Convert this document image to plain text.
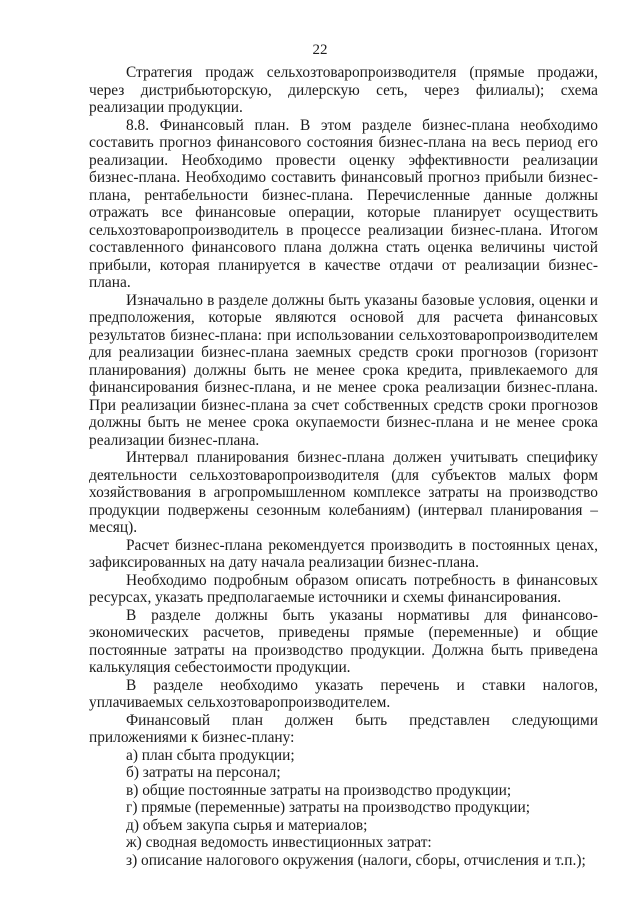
22

Стратегия продаж сельхозтоваропроизводителя (прямые продажи, через дистрибьюторскую, дилерскую сеть, через филиалы); схема реализации продукции.

8.8. Финансовый план. В этом разделе бизнес-плана необходимо составить прогноз финансового состояния бизнес-плана на весь период его реализации. Необходимо провести оценку эффективности реализации бизнес-плана. Необходимо составить финансовый прогноз прибыли бизнес-плана, рентабельности бизнес-плана. Перечисленные данные должны отражать все финансовые операции, которые планирует осуществить сельхозтоваропроизводитель в процессе реализации бизнес-плана. Итогом составленного финансового плана должна стать оценка величины чистой прибыли, которая планируется в качестве отдачи от реализации бизнес-плана.

Изначально в разделе должны быть указаны базовые условия, оценки и предположения, которые являются основой для расчета финансовых результатов бизнес-плана: при использовании сельхозтоваропроизводителем для реализации бизнес-плана заемных средств сроки прогнозов (горизонт планирования) должны быть не менее срока кредита, привлекаемого для финансирования бизнес-плана, и не менее срока реализации бизнес-плана. При реализации бизнес-плана за счет собственных средств сроки прогнозов должны быть не менее срока окупаемости бизнес-плана и не менее срока реализации бизнес-плана.

Интервал планирования бизнес-плана должен учитывать специфику деятельности сельхозтоваропроизводителя (для субъектов малых форм хозяйствования в агропромышленном комплексе затраты на производство продукции подвержены сезонным колебаниям) (интервал планирования – месяц).

Расчет бизнес-плана рекомендуется производить в постоянных ценах, зафиксированных на дату начала реализации бизнес-плана.

Необходимо подробным образом описать потребность в финансовых ресурсах, указать предполагаемые источники и схемы финансирования.

В разделе должны быть указаны нормативы для финансово-экономических расчетов, приведены прямые (переменные) и общие постоянные затраты на производство продукции. Должна быть приведена калькуляция себестоимости продукции.

В разделе необходимо указать перечень и ставки налогов, уплачиваемых сельхозтоваропроизводителем.

Финансовый план должен быть представлен следующими приложениями к бизнес-плану:

а) план сбыта продукции;

б) затраты на персонал;

в) общие постоянные затраты на производство продукции;

г) прямые (переменные) затраты на производство продукции;

д) объем закупа сырья и материалов;

ж) сводная ведомость инвестиционных затрат:

з) описание налогового окружения (налоги, сборы, отчисления и т.п.);
